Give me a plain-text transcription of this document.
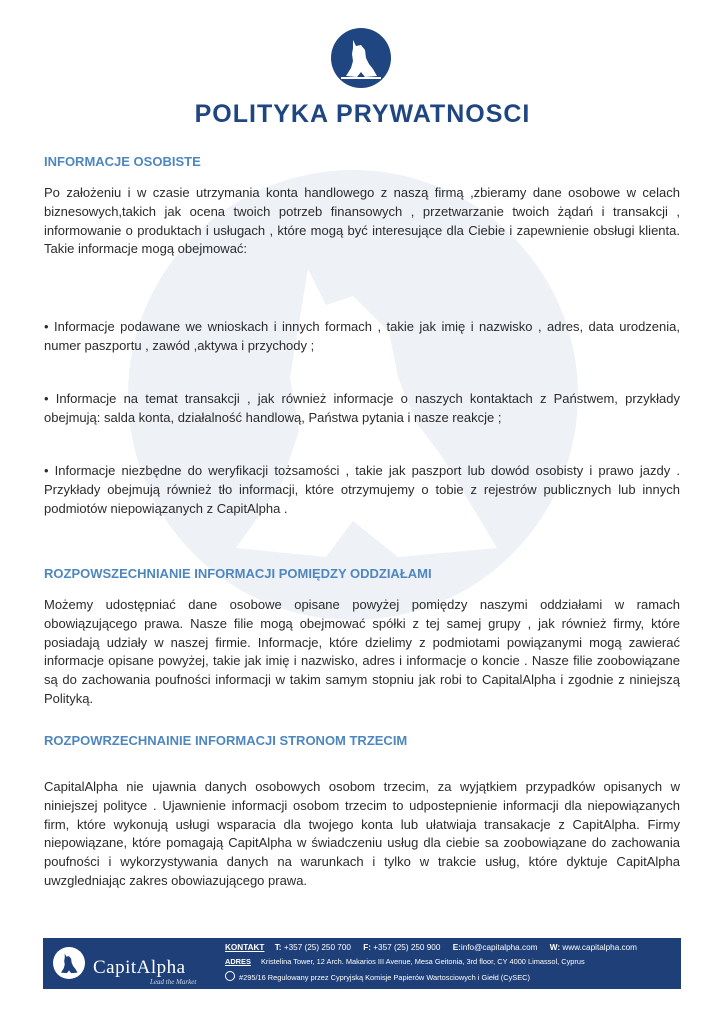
POLITYKA PRYWATNOSCI
INFORMACJE OSOBISTE
Po założeniu i w czasie utrzymania konta handlowego z naszą firmą ,zbieramy dane osobowe w celach biznesowych,takich jak ocena twoich potrzeb finansowych , przetwarzanie twoich żądań i transakcji , informowanie o produktach i usługach , które mogą być interesujące dla Ciebie i zapewnienie obsługi klienta. Takie informacje mogą obejmować:
• Informacje podawane we wnioskach i innych formach , takie jak imię i nazwisko , adres, data urodzenia, numer paszportu , zawód ,aktywa i przychody ;
• Informacje na temat transakcji , jak również informacje o naszych kontaktach z Państwem, przykłady obejmują: salda konta, działalność handlową, Państwa pytania i nasze reakcje ;
• Informacje niezbędne do weryfikacji tożsamości , takie jak paszport lub dowód osobisty i prawo jazdy . Przykłady obejmują również tło informacji, które otrzymujemy o tobie z rejestrów publicznych lub innych podmiotów niepowiązanych z CapitAlpha .
ROZPOWSZECHNIANIE INFORMACJI POMIĘDZY ODDZIAŁAMI
Możemy udostępniać dane osobowe opisane powyżej pomiędzy naszymi oddziałami w ramach obowiązującego prawa. Nasze filie mogą obejmować spółki z tej samej grupy , jak również firmy, które posiadają udziały w naszej firmie. Informacje, które dzielimy z podmiotami powiązanymi mogą zawierać informacje opisane powyżej, takie jak imię i nazwisko, adres i informacje o koncie . Nasze filie zoobowiązane są do zachowania poufności informacji w takim samym stopniu jak robi to CapitalAlpha i zgodnie z niniejszą Polityką.
ROZPOWRZECHNAINIE INFORMACJI STRONOM TRZECIM
CapitalAlpha nie ujawnia danych osobowych osobom trzecim, za wyjątkiem przypadków opisanych w niniejszej polityce . Ujawnienie informacji osobom trzecim to udpostepnienie informacji dla niepowiązanych firm, które wykonują usługi wsparacia dla twojego konta lub ułatwiaja transakacje z CapitAlpha. Firmy niepowiązane, które pomagają CapitAlpha w świadczeniu usług dla ciebie sa zoobowiązane do zachowania poufności i wykorzystywania danych na warunkach i tylko w trakcie usług, które dyktuje CapitAlpha uwzgledniając zakres obowiazującego prawa.
CapitAlpha
Lead the Market
KONTAKT T: +357 (25) 250 700 F: +357 (25) 250 900 E:info@capitalpha.com W: www.capitalpha.com
ADRES Kristelina Tower, 12 Arch. Makarios III Avenue, Mesa Geitonia, 3rd floor, CY 4000 Limassol, Cyprus
#295/16 Regulowany przez Cypryjską Komisje Papierów Wartosciowych i Giełd (CySEC)
